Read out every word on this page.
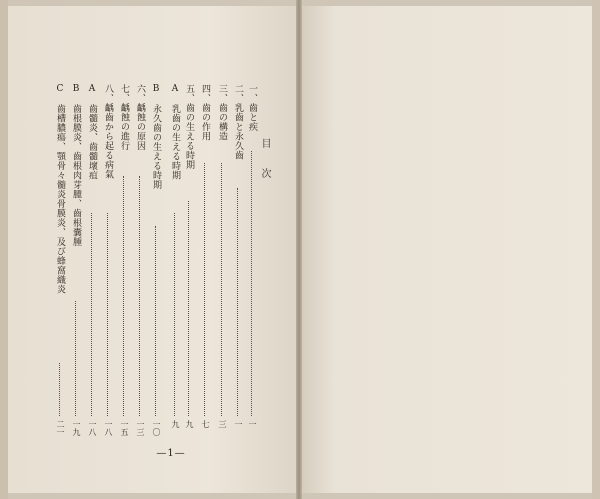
目次
一、齒と疾
一
二、乳齒と永久齒
一
三、齒の構造
三
四、齒の作用
七
五、齒の生える時期
九
A　乳齒の生える時期
九
B　永久齒の生える時期
一〇
六、齲蝕の原因
一三
七、齲蝕の進行
一五
八、齲齒から起る病氣
一八
A　齒髓炎、齒髓壞疽
一八
B　齒根膜炎、齒根肉芽腫、齒根囊腫
一九
C　齒槽膿瘍、顎骨々髓炎骨膜炎、及び蜂窩織炎
二一
—1—
